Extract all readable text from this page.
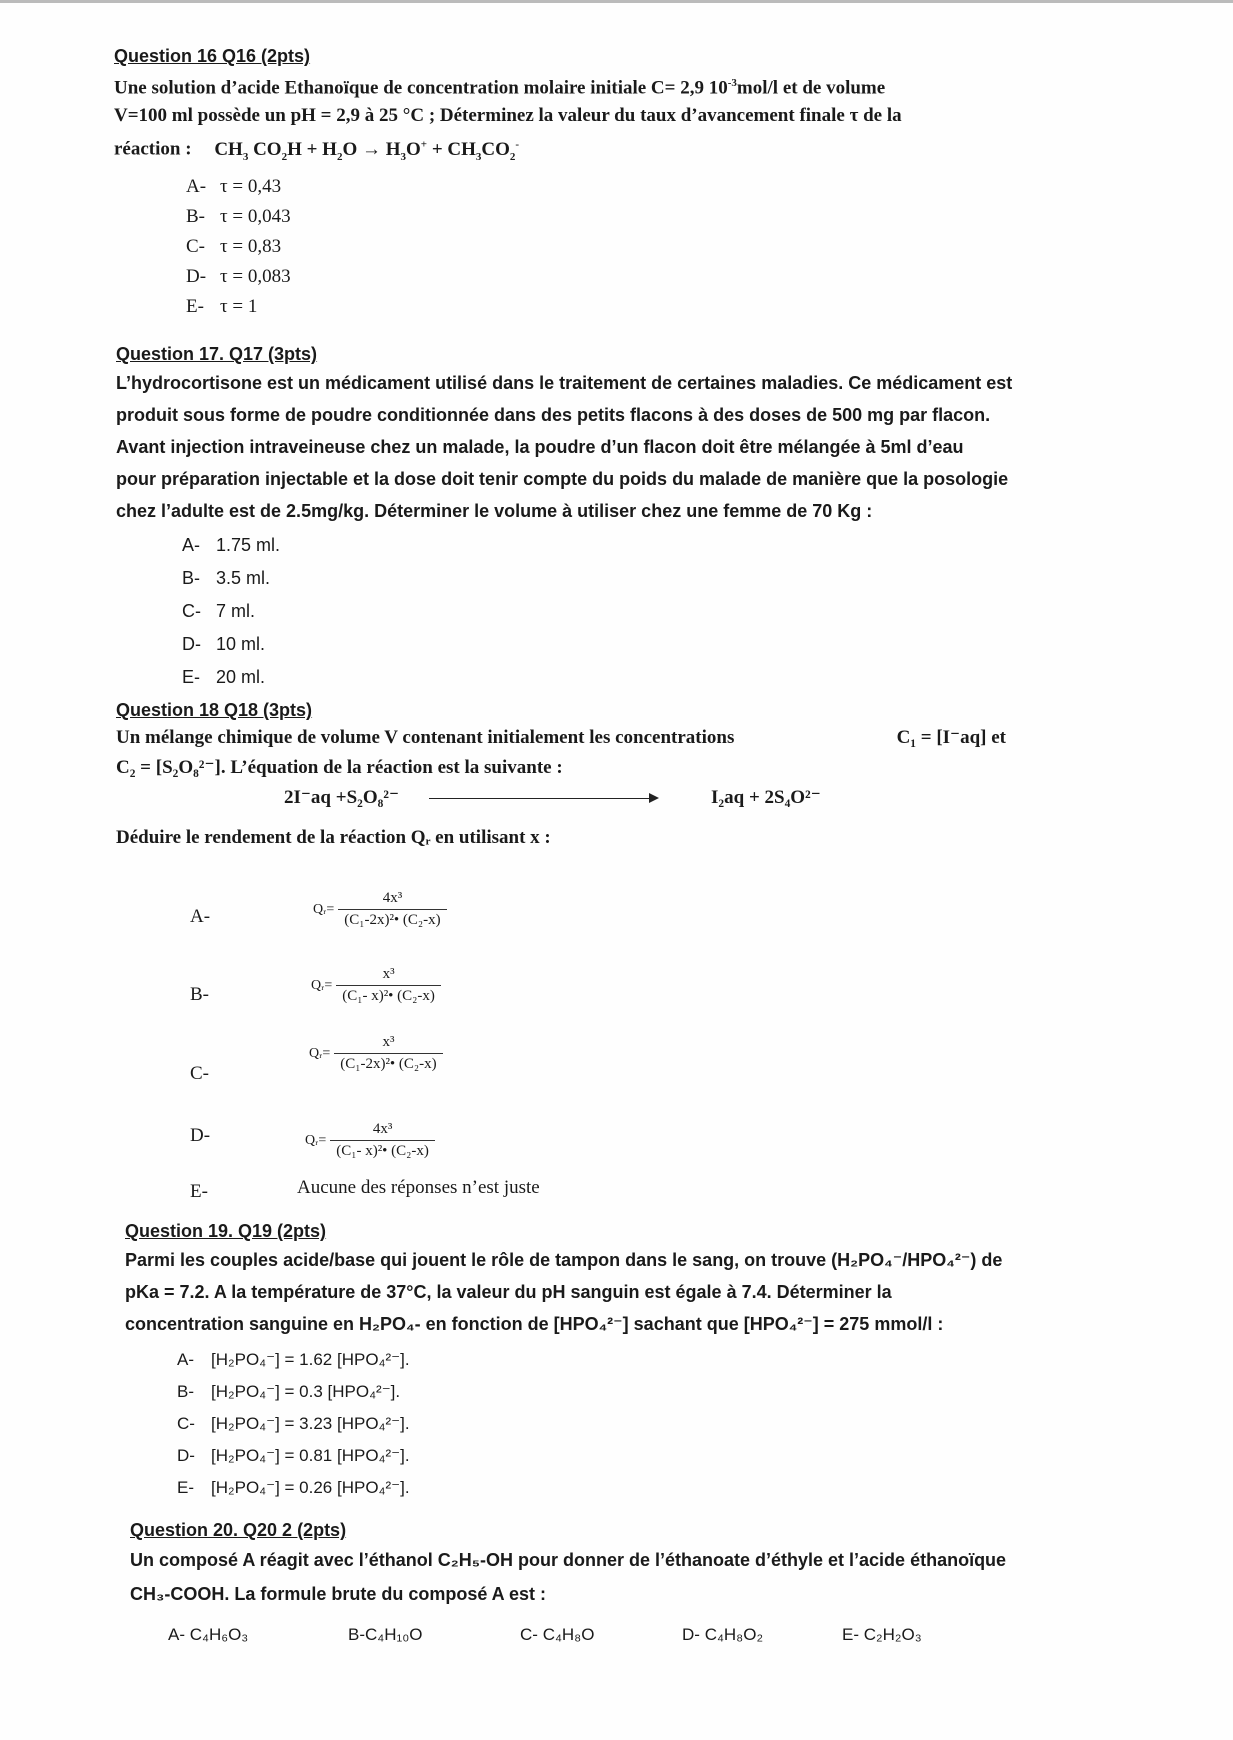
Question 16 Q16 (2pts)
Une solution d’acide Ethanoïque de concentration molaire initiale C= 2,9 $10^{-3}mol/l$ et de volume
V=100 ml possède un pH = 2,9 à 25 °C ; Déterminez la valeur du taux d’avancement finale τ de la
réaction : $CH_3$ $CO_2H + H_2O \to H_3O^+ + CH_3CO_2^-$
A- τ = 0,43
B- τ = 0,043
C- τ = 0,83
D- τ = 0,083
E- τ = 1
Question 17. Q17 (3pts)
L’hydrocortisone est un médicament utilisé dans le traitement de certaines maladies. Ce médicament est
produit sous forme de poudre conditionnée dans des petits flacons à des doses de 500 mg par flacon.
Avant injection intraveineuse chez un malade, la poudre d’un flacon doit être mélangée à 5ml d’eau
pour préparation injectable et la dose doit tenir compte du poids du malade de manière que la posologie
chez l’adulte est de 2.5mg/kg. Déterminer le volume à utiliser chez une femme de 70 Kg :
A- 1.75 ml.
B- 3.5 ml.
C- 7 ml.
D- 10 ml.
E- 20 ml.
Question 18 Q18 (3pts)
Un mélange chimique de volume V contenant initialement les concentrations	C₁ = [I⁻aq] et
C₂ = [S₂O₈²⁻]. L’équation de la réaction est la suivante :
2I⁻aq +S₂O₈²⁻	I₂aq + 2S₄O²⁻
Déduire le rendement de la réaction Qᵣ en utilisant x :
A-	Qᵣ= $\frac{\text{4x³}}{\text{(C₁-2x)²• (C₂-x)}}$
B-	Qᵣ= $\frac{\text{x³}}{\text{(C₁- x)²• (C₂-x)}}$
C-
Qᵣ= $\frac{\text{x³}}{\text{(C₁-2x)²• (C₂-x)}}$
D-	Qᵣ= $\frac{\text{4x³}}{\text{(C₁- x)²• (C₂-x)}}$
E-	Aucune des réponses n’est juste
Question 19. Q19 (2pts)
Parmi les couples acide/base qui jouent le rôle de tampon dans le sang, on trouve (H₂PO₄⁻/HPO₄²⁻) de
pKa = 7.2. A la température de 37°C, la valeur du pH sanguin est égale à 7.4. Déterminer la
concentration sanguine en H₂PO₄- en fonction de [HPO₄²⁻] sachant que [HPO₄²⁻] = 275 mmol/l :
A-	[H₂PO₄⁻] = 1.62 [HPO₄²⁻].
B-	[H₂PO₄⁻] = 0.3 [HPO₄²⁻].
C- [H₂PO₄⁻] = 3.23 [HPO₄²⁻].
D- [H₂PO₄⁻] = 0.81 [HPO₄²⁻].
E-	[H₂PO₄⁻] = 0.26 [HPO₄²⁻].
Question 20. Q20 2 (2pts)
Un composé A réagit avec l’éthanol C₂H₅-OH pour donner de l’éthanoate d’éthyle et l’acide éthanoïque
CH₃-COOH. La formule brute du composé A est :
A- C₄H₆O₃	B-C₄H₁₀O	C- C₄H₈O	D- C₄H₈O₂	E- C₂H₂O₃
